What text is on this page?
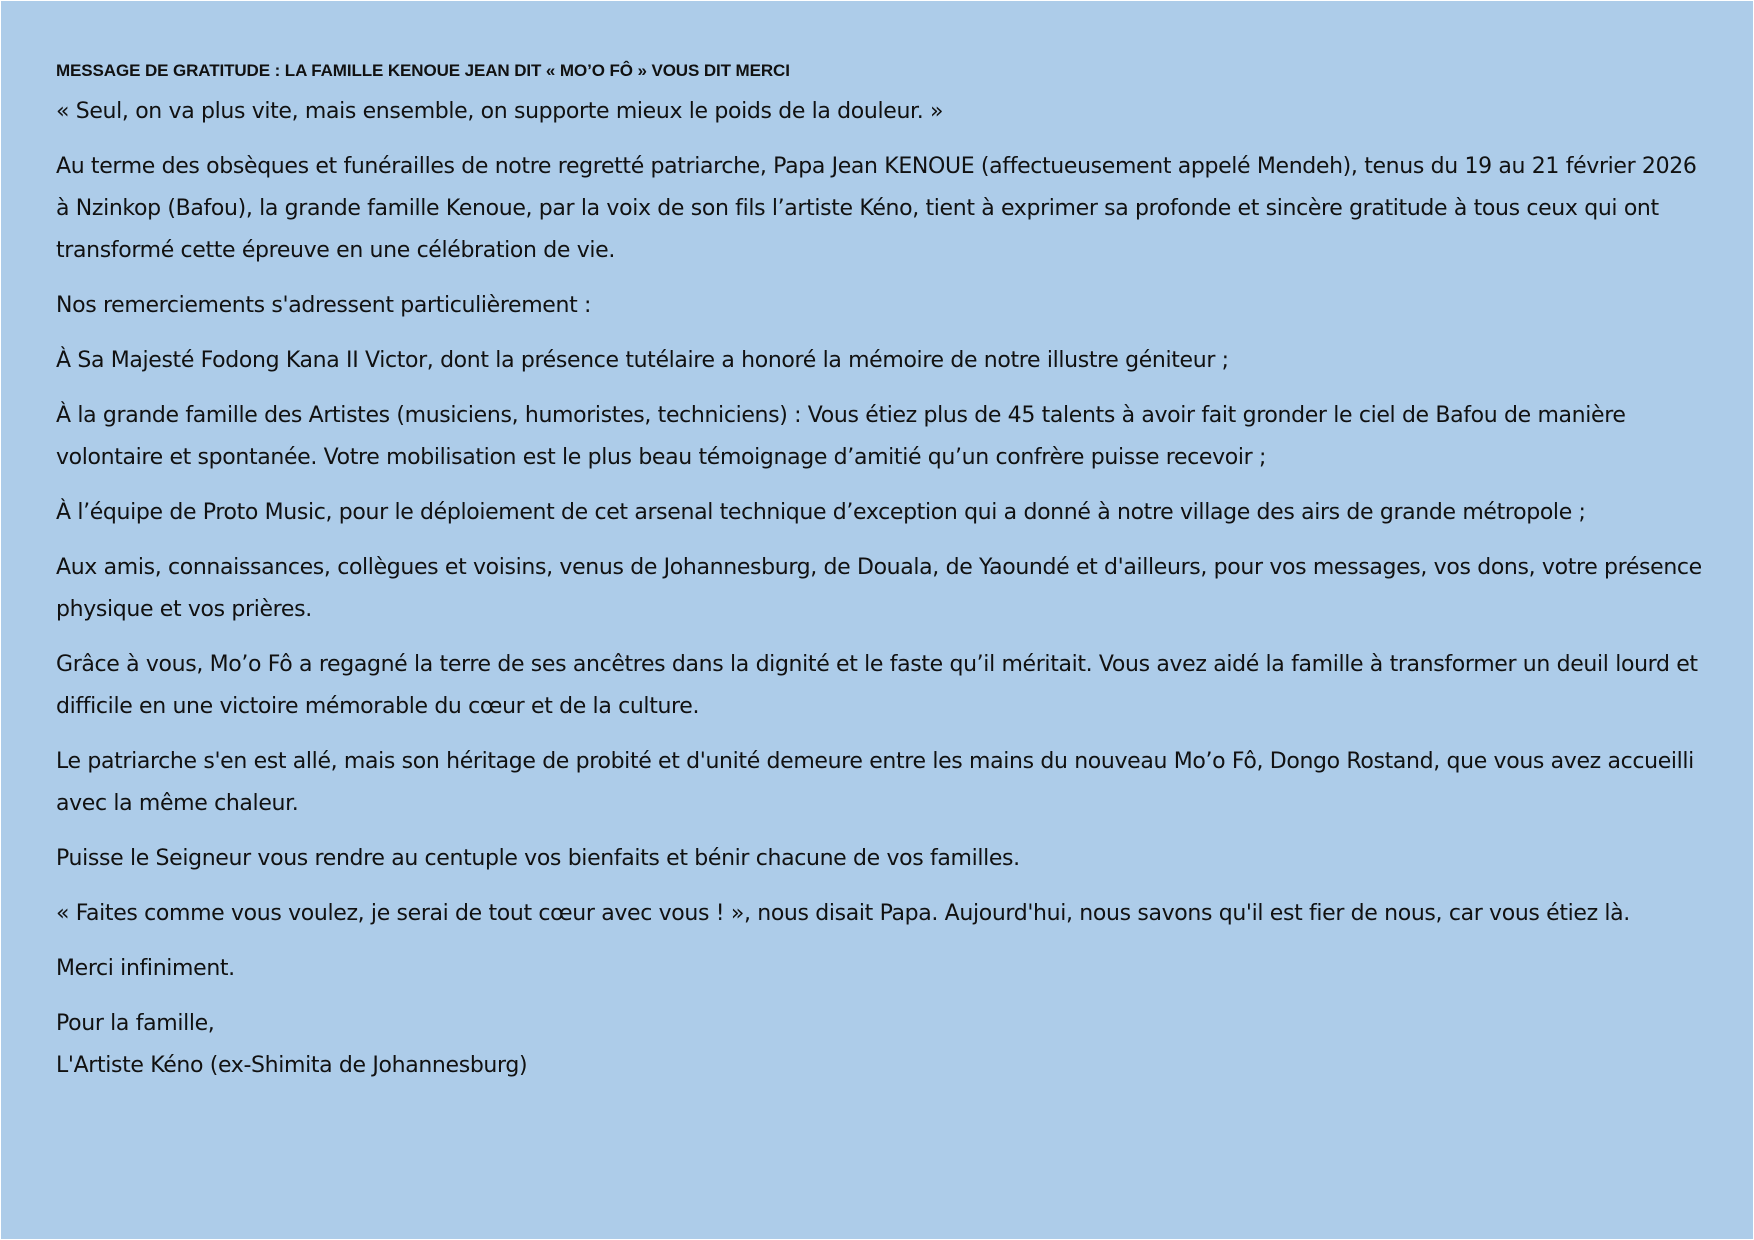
MESSAGE DE GRATITUDE : LA FAMILLE KENOUE JEAN DIT « MO’O FÔ » VOUS DIT MERCI

« Seul, on va plus vite, mais ensemble, on supporte mieux le poids de la douleur. »

Au terme des obsèques et funérailles de notre regretté patriarche, Papa Jean KENOUE (affectueusement appelé Mendeh), tenus du 19 au 21 février 2026 à Nzinkop (Bafou), la grande famille Kenoue, par la voix de son fils l’artiste Kéno, tient à exprimer sa profonde et sincère gratitude à tous ceux qui ont transformé cette épreuve en une célébration de vie.

Nos remerciements s'adressent particulièrement :

À Sa Majesté Fodong Kana II Victor, dont la présence tutélaire a honoré la mémoire de notre illustre géniteur ;

À la grande famille des Artistes (musiciens, humoristes, techniciens) : Vous étiez plus de 45 talents à avoir fait gronder le ciel de Bafou de manière volontaire et spontanée. Votre mobilisation est le plus beau témoignage d’amitié qu’un confrère puisse recevoir ;

À l’équipe de Proto Music, pour le déploiement de cet arsenal technique d’exception qui a donné à notre village des airs de grande métropole ;

Aux amis, connaissances, collègues et voisins, venus de Johannesburg, de Douala, de Yaoundé et d'ailleurs, pour vos messages, vos dons, votre présence physique et vos prières.

Grâce à vous, Mo’o Fô a regagné la terre de ses ancêtres dans la dignité et le faste qu’il méritait. Vous avez aidé la famille à transformer un deuil lourd et difficile en une victoire mémorable du cœur et de la culture.

Le patriarche s'en est allé, mais son héritage de probité et d'unité demeure entre les mains du nouveau Mo’o Fô, Dongo Rostand, que vous avez accueilli avec la même chaleur.

Puisse le Seigneur vous rendre au centuple vos bienfaits et bénir chacune de vos familles.

« Faites comme vous voulez, je serai de tout cœur avec vous ! », nous disait Papa. Aujourd'hui, nous savons qu'il est fier de nous, car vous étiez là.

Merci infiniment.

Pour la famille,
L'Artiste Kéno (ex-Shimita de Johannesburg)
